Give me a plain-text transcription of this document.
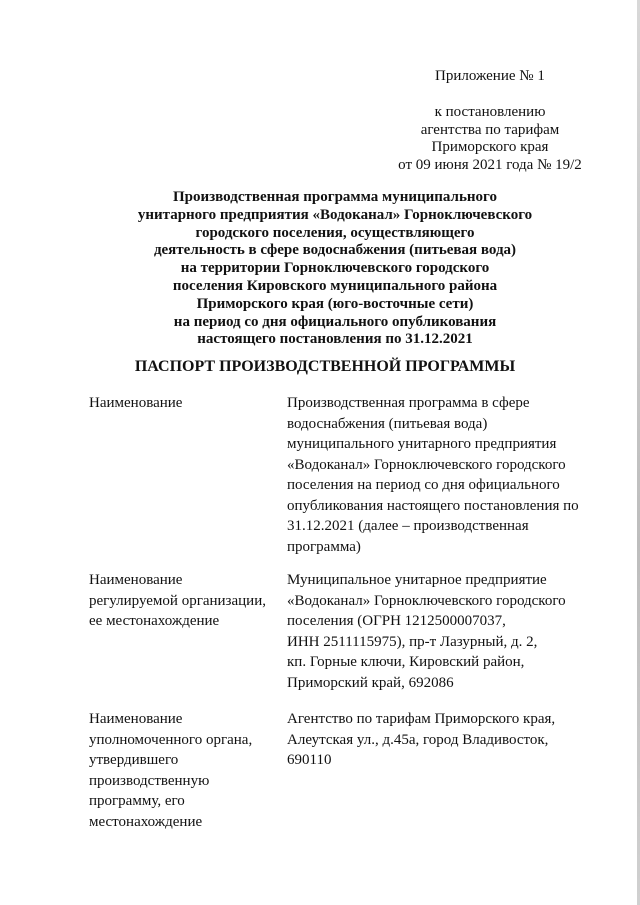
Приложение № 1
к постановлению
агентства по тарифам
Приморского края
от 09 июня 2021 года № 19/2
Производственная программа муниципального
унитарного предприятия «Водоканал» Горноключевского
городского поселения, осуществляющего
деятельность в сфере водоснабжения (питьевая вода)
на территории Горноключевского городского
поселения Кировского муниципального района
Приморского края (юго-восточные сети)
на период со дня официального опубликования
настоящего постановления по 31.12.2021
ПАСПОРТ ПРОИЗВОДСТВЕННОЙ ПРОГРАММЫ
Наименование	Производственная программа в сфере
водоснабжения (питьевая вода)
муниципального унитарного предприятия
«Водоканал» Горноключевского городского
поселения на период со дня официального
опубликования настоящего постановления по
31.12.2021 (далее – производственная
программа)
Наименование
регулируемой организации,
ее местонахождение
Муниципальное унитарное предприятие
«Водоканал» Горноключевского городского
поселения (ОГРН 1212500007037,
ИНН 2511115975), пр-т Лазурный, д. 2,
кп. Горные ключи, Кировский район,
Приморский край, 692086
Наименование
уполномоченного органа,
утвердившего
производственную
программу, его
местонахождение
Агентство по тарифам Приморского края,
Алеутская ул., д.45а, город Владивосток,
690110
